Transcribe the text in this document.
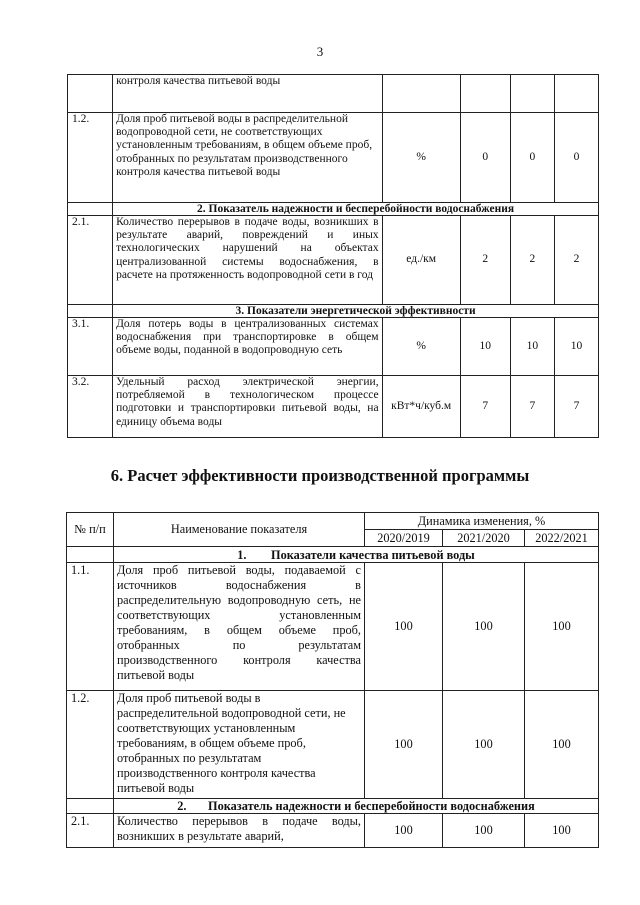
3
	контроля качества питьевой воды				
1.2.	Доля проб питьевой воды в распределительной водопроводной сети, не соответствующих установленным требованиям, в общем объеме проб, отобранных по результатам производственного контроля качества питьевой воды	%	0	0	0
	2. Показатель надежности и бесперебойности водоснабжения				
2.1.	Количество перерывов в подаче воды, возникших в результате аварий, повреждений и иных технологических нарушений на объектах централизованной системы водоснабжения, в расчете на протяженность водопроводной сети в год	ед./км	2	2	2
	3. Показатели энергетической эффективности				
3.1.	Доля потерь воды в централизованных системах водоснабжения при транспортировке в общем объеме воды, поданной в водопроводную сеть	%	10	10	10
3.2.	Удельный расход электрической энергии, потребляемой в технологическом процессе подготовки и транспортировки питьевой воды, на единицу объема воды	кВт*ч/куб.м	7	7	7
6. Расчет эффективности производственной программы
№ п/п	Наименование показателя	Динамика изменения, %		
		2020/2019	2021/2020	2022/2021
	1. Показатели качества питьевой воды			
1.1.	Доля проб питьевой воды, подаваемой с источников водоснабжения в распределительную водопроводную сеть, не соответствующих установленным требованиям, в общем объеме проб, отобранных по результатам производственного контроля качества питьевой воды	100	100	100
1.2.	Доля проб питьевой воды в распределительной водопроводной сети, не соответствующих установленным требованиям, в общем объеме проб, отобранных по результатам производственного контроля качества питьевой воды	100	100	100
	2. Показатель надежности и бесперебойности водоснабжения			
2.1.	Количество перерывов в подаче воды, возникших в результате аварий,	100	100	100
